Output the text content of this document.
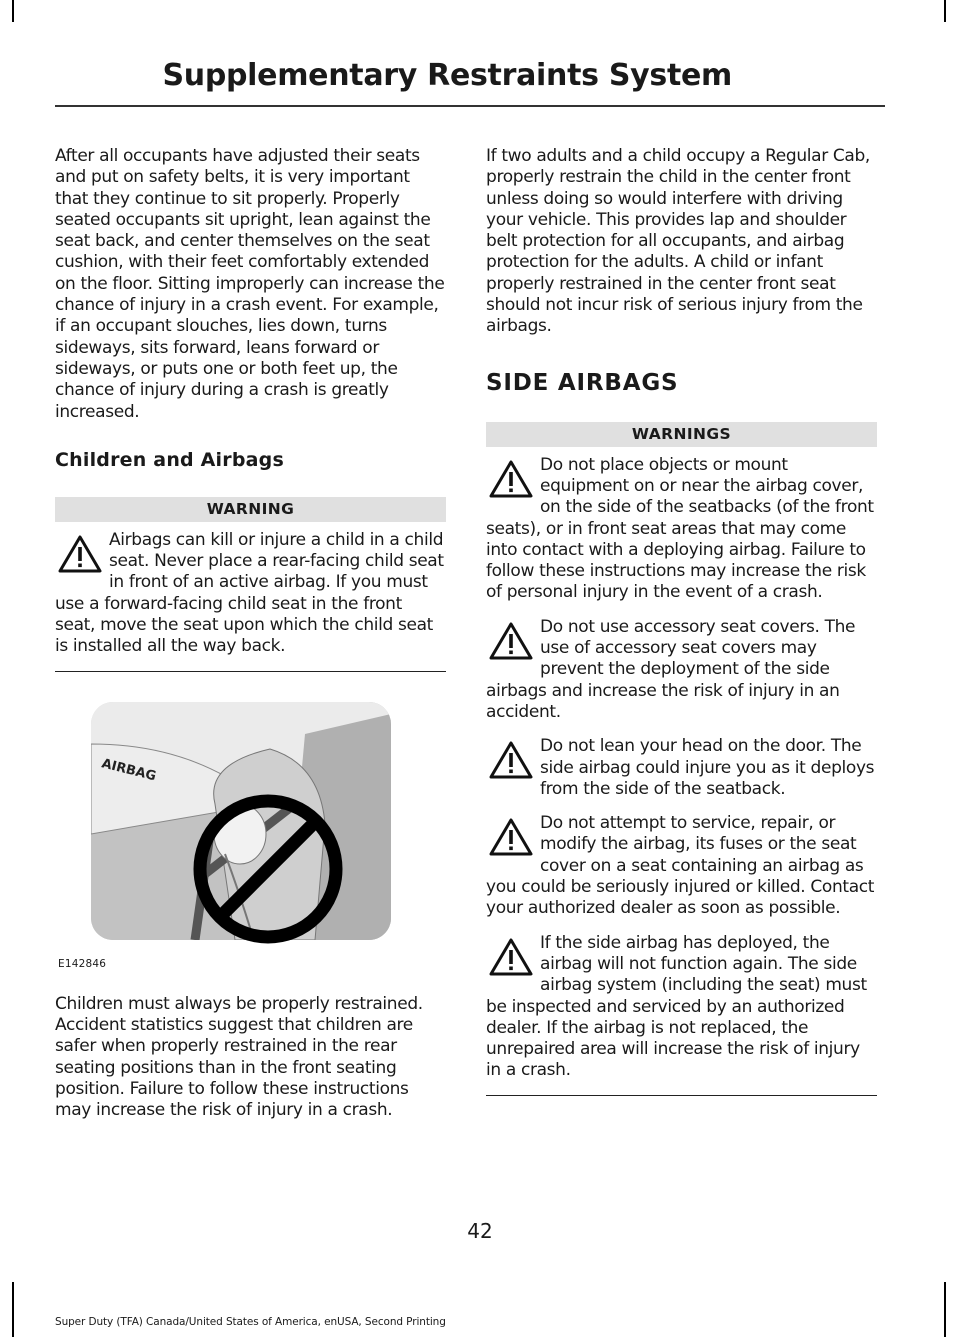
Supplementary Restraints System

After all occupants have adjusted their seats and put on safety belts, it is very important that they continue to sit properly. Properly seated occupants sit upright, lean against the seat back, and center themselves on the seat cushion, with their feet comfortably extended on the floor. Sitting improperly can increase the chance of injury in a crash event. For example, if an occupant slouches, lies down, turns sideways, sits forward, leans forward or sideways, or puts one or both feet up, the chance of injury during a crash is greatly increased.

Children and Airbags
WARNING

Airbags can kill or injure a child in a child seat. Never place a rear-facing child seat in front of an active airbag. If you must use a forward-facing child seat in the front seat, move the seat upon which the child seat is installed all the way back.

AIRBAG
E142846

Children must always be properly restrained. Accident statistics suggest that children are safer when properly restrained in the rear seating positions than in the front seating position. Failure to follow these instructions may increase the risk of injury in a crash.

If two adults and a child occupy a Regular Cab, properly restrain the child in the center front unless doing so would interfere with driving your vehicle. This provides lap and shoulder belt protection for all occupants, and airbag protection for the adults. A child or infant properly restrained in the center front seat should not incur risk of serious injury from the airbags.

SIDE AIRBAGS
WARNINGS

Do not place objects or mount equipment on or near the airbag cover, on the side of the seatbacks (of the front seats), or in front seat areas that may come into contact with a deploying airbag. Failure to follow these instructions may increase the risk of personal injury in the event of a crash.

Do not use accessory seat covers. The use of accessory seat covers may prevent the deployment of the side airbags and increase the risk of injury in an accident.

Do not lean your head on the door. The side airbag could injure you as it deploys from the side of the seatback.

Do not attempt to service, repair, or modify the airbag, its fuses or the seat cover on a seat containing an airbag as you could be seriously injured or killed. Contact your authorized dealer as soon as possible.

If the side airbag has deployed, the airbag will not function again. The side airbag system (including the seat) must be inspected and serviced by an authorized dealer. If the airbag is not replaced, the unrepaired area will increase the risk of injury in a crash.

42
Super Duty (TFA) Canada/United States of America, enUSA, Second Printing
